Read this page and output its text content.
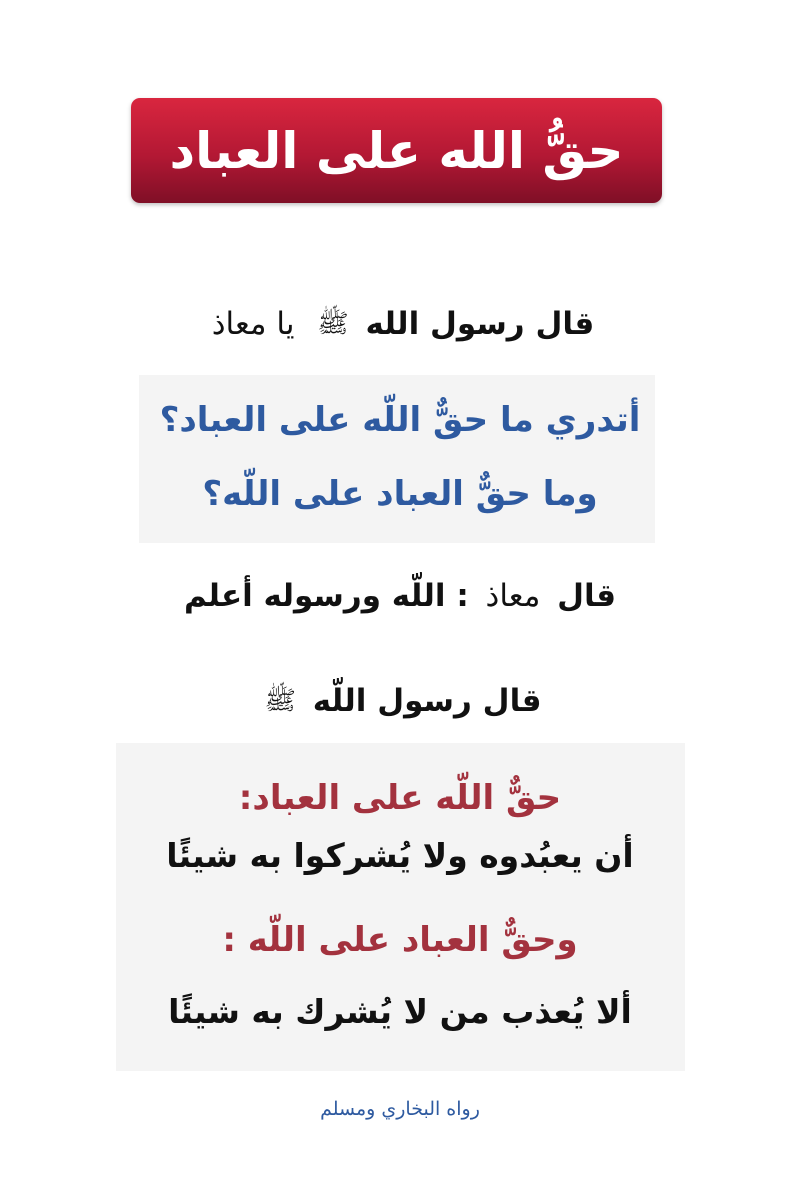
حقُّ الله على العباد
قال رسول الله ﷺ يا معاذ
أتدري ما حقٌّ اللّه على العباد؟
وما حقٌّ العباد على اللّه؟
قال معاذ : اللّه ورسوله أعلم
قال رسول اللّه ﷺ
حقٌّ اللّه على العباد:
أن يعبُدوه ولا يُشركوا به شيئًا
وحقٌّ العباد على اللّه :
ألا يُعذب من لا يُشرك به شيئًا
رواه البخاري ومسلم
